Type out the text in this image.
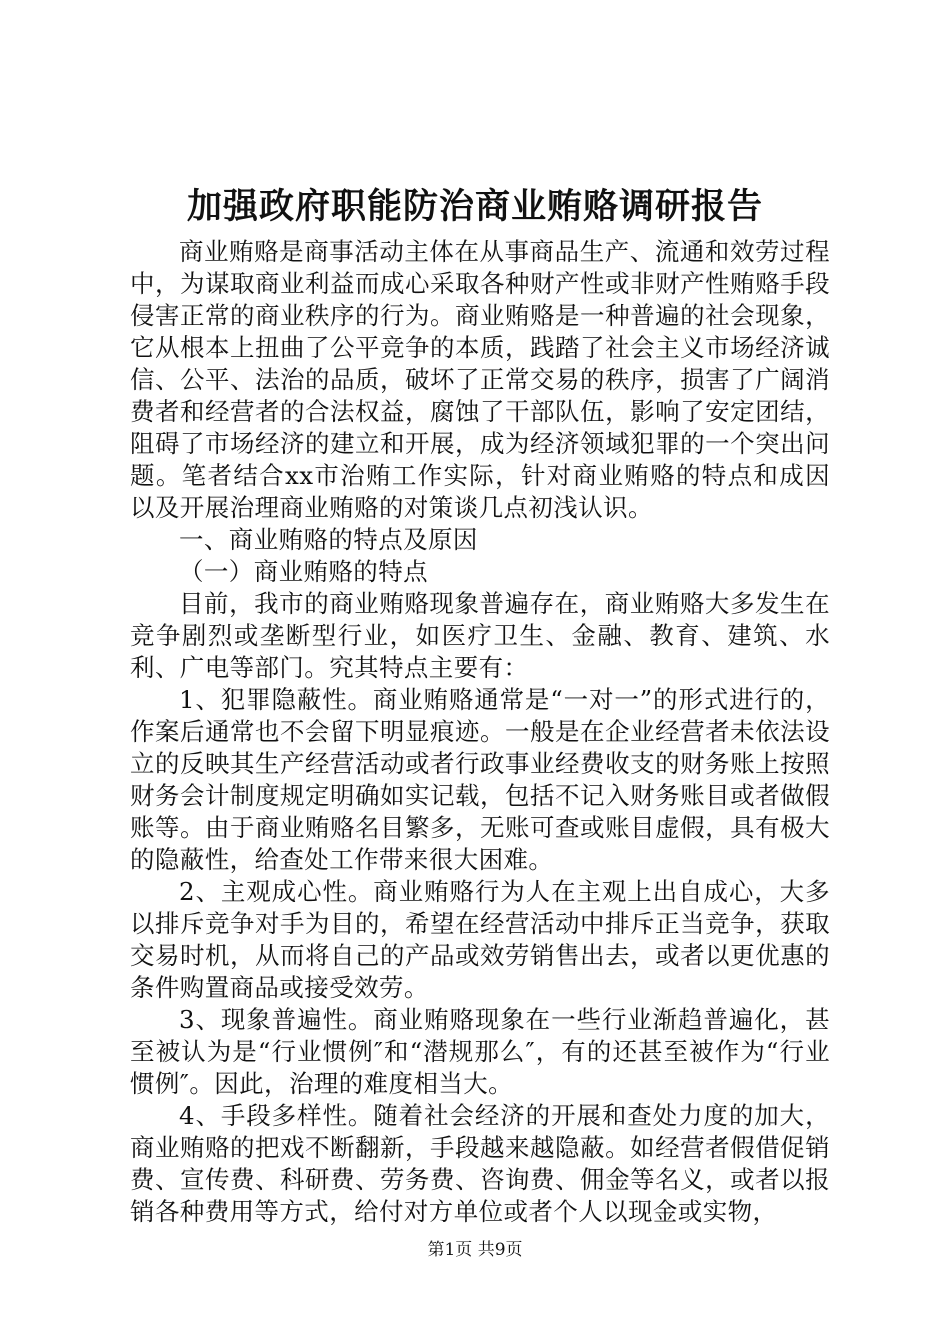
加强政府职能防治商业贿赂调研报告

商业贿赂是商事活动主体在从事商品生产、流通和效劳过程中，为谋取商业利益而成心采取各种财产性或非财产性贿赂手段侵害正常的商业秩序的行为。商业贿赂是一种普遍的社会现象，它从根本上扭曲了公平竞争的本质，践踏了社会主义市场经济诚信、公平、法治的品质，破坏了正常交易的秩序，损害了广阔消费者和经营者的合法权益，腐蚀了干部队伍，影响了安定团结，阻碍了市场经济的建立和开展，成为经济领域犯罪的一个突出问题。笔者结合xx市治贿工作实际，针对商业贿赂的特点和成因以及开展治理商业贿赂的对策谈几点初浅认识。

一、商业贿赂的特点及原因

（一）商业贿赂的特点

目前，我市的商业贿赂现象普遍存在，商业贿赂大多发生在竞争剧烈或垄断型行业，如医疗卫生、金融、教育、建筑、水利、广电等部门。究其特点主要有：

1、犯罪隐蔽性。商业贿赂通常是“一对一”的形式进行的，作案后通常也不会留下明显痕迹。一般是在企业经营者未依法设立的反映其生产经营活动或者行政事业经费收支的财务账上按照财务会计制度规定明确如实记载，包括不记入财务账目或者做假账等。由于商业贿赂名目繁多，无账可查或账目虚假，具有极大的隐蔽性，给查处工作带来很大困难。

2、主观成心性。商业贿赂行为人在主观上出自成心，大多以排斥竞争对手为目的，希望在经营活动中排斥正当竞争，获取交易时机，从而将自己的产品或效劳销售出去，或者以更优惠的条件购置商品或接受效劳。

3、现象普遍性。商业贿赂现象在一些行业渐趋普遍化，甚至被认为是“行业惯例″和“潜规那么″，有的还甚至被作为“行业惯例″。因此，治理的难度相当大。

4、手段多样性。随着社会经济的开展和查处力度的加大，商业贿赂的把戏不断翻新，手段越来越隐蔽。如经营者假借促销费、宣传费、科研费、劳务费、咨询费、佣金等名义，或者以报销各种费用等方式，给付对方单位或者个人以现金或实物，

第1页 共9页
